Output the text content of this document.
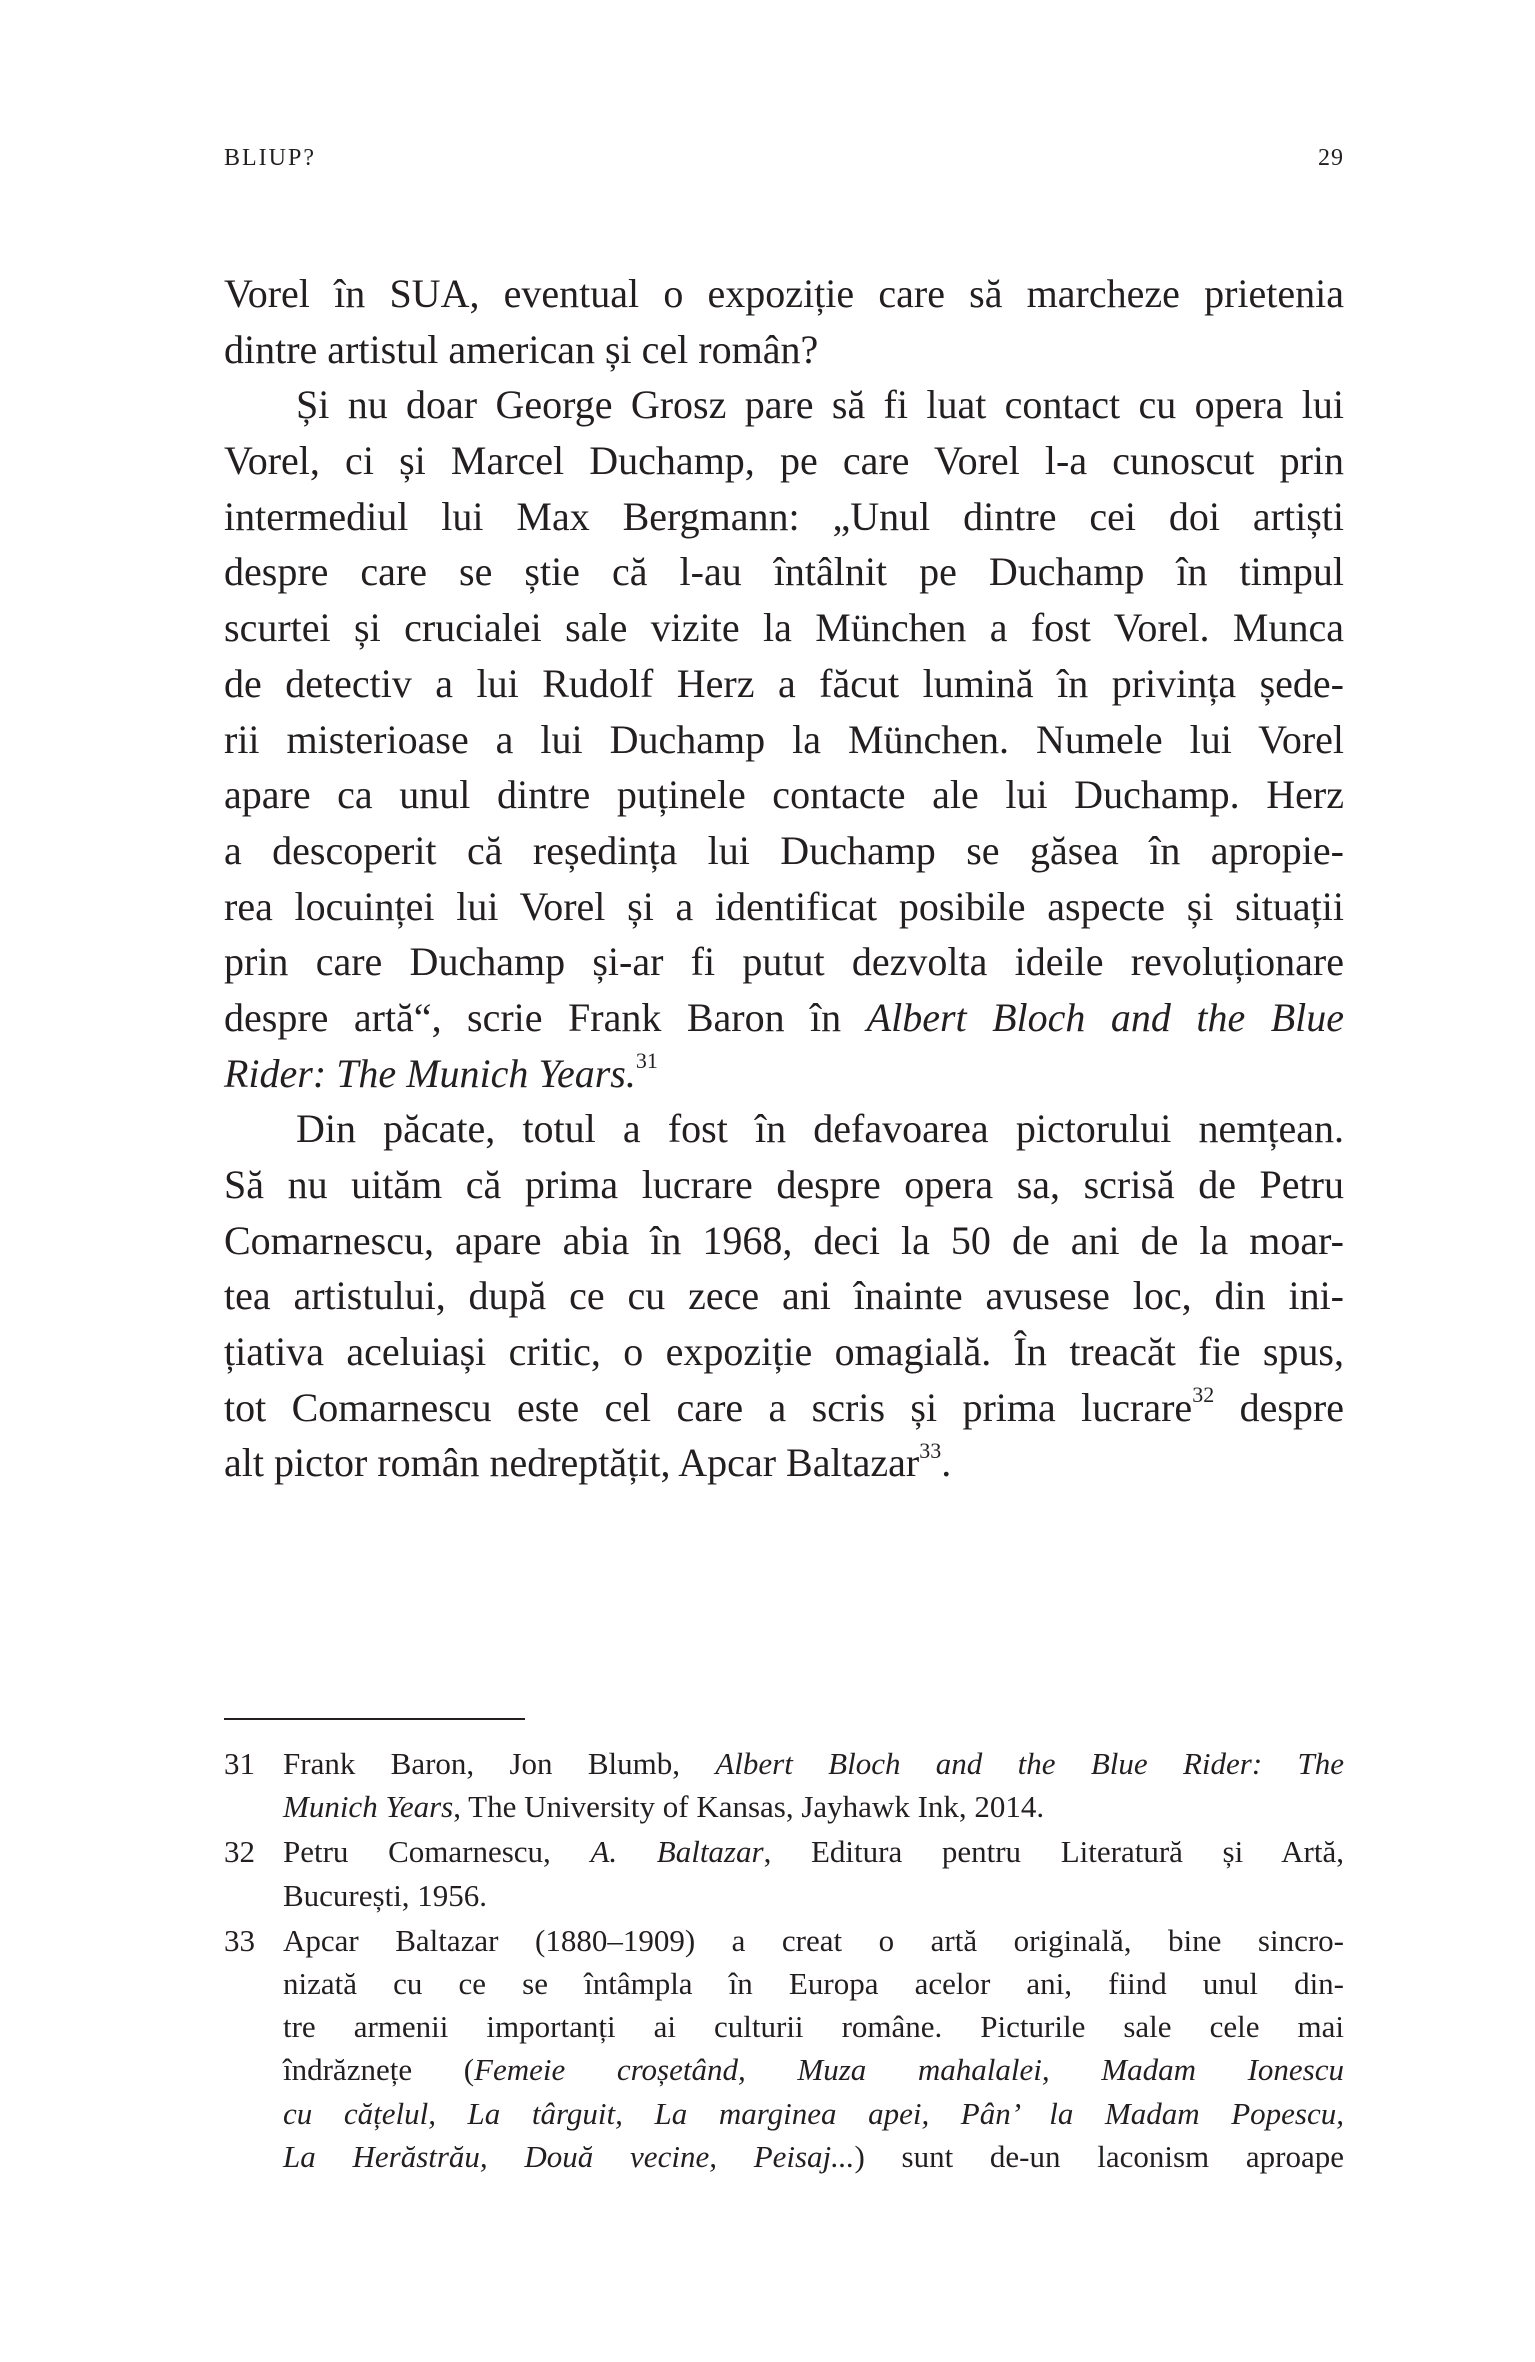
BLIUP?	29
Vorel în SUA, eventual o expoziție care să marcheze prietenia
dintre artistul american și cel român?
Și nu doar George Grosz pare să fi luat contact cu opera lui
Vorel, ci și Marcel Duchamp, pe care Vorel l-a cunoscut prin
intermediul lui Max Bergmann: „Unul dintre cei doi artiști
despre care se știe că l-au întâlnit pe Duchamp în timpul
scurtei și crucialei sale vizite la München a fost Vorel. Munca
de detectiv a lui Rudolf Herz a făcut lumină în privința șede-
rii misterioase a lui Duchamp la München. Numele lui Vorel
apare ca unul dintre puținele contacte ale lui Duchamp. Herz
a descoperit că reședința lui Duchamp se găsea în apropie-
rea locuinței lui Vorel și a identificat posibile aspecte și situații
prin care Duchamp și-ar fi putut dezvolta ideile revoluționare
despre artă“, scrie Frank Baron în Albert Bloch and the Blue
Rider: The Munich Years.$^{31}$
Din păcate, totul a fost în defavoarea pictorului nemțean.
Să nu uităm că prima lucrare despre opera sa, scrisă de Petru
Comarnescu, apare abia în 1968, deci la 50 de ani de la moar-
tea artistului, după ce cu zece ani înainte avusese loc, din ini-
țiativa aceluiași critic, o expoziție omagială. În treacăt fie spus,
tot Comarnescu este cel care a scris și prima lucrare$^{32}$ despre
alt pictor român nedreptățit, Apcar Baltazar$^{33}$.
31 Frank Baron, Jon Blumb, Albert Bloch and the Blue Rider: The
Munich Years, The University of Kansas, Jayhawk Ink, 2014.
32 Petru Comarnescu, A. Baltazar, Editura pentru Literatură și Artă,
București, 1956.
33 Apcar Baltazar (1880–1909) a creat o artă originală, bine sincro-
nizată cu ce se întâmpla în Europa acelor ani, fiind unul din-
tre armenii importanți ai culturii române. Picturile sale cele mai
îndrăznețe (Femeie croșetând, Muza mahalalei, Madam Ionescu
cu cățelul, La târguit, La marginea apei, Pân’ la Madam Popescu,
La Herăstrău, Două vecine, Peisaj...) sunt de-un laconism aproape
